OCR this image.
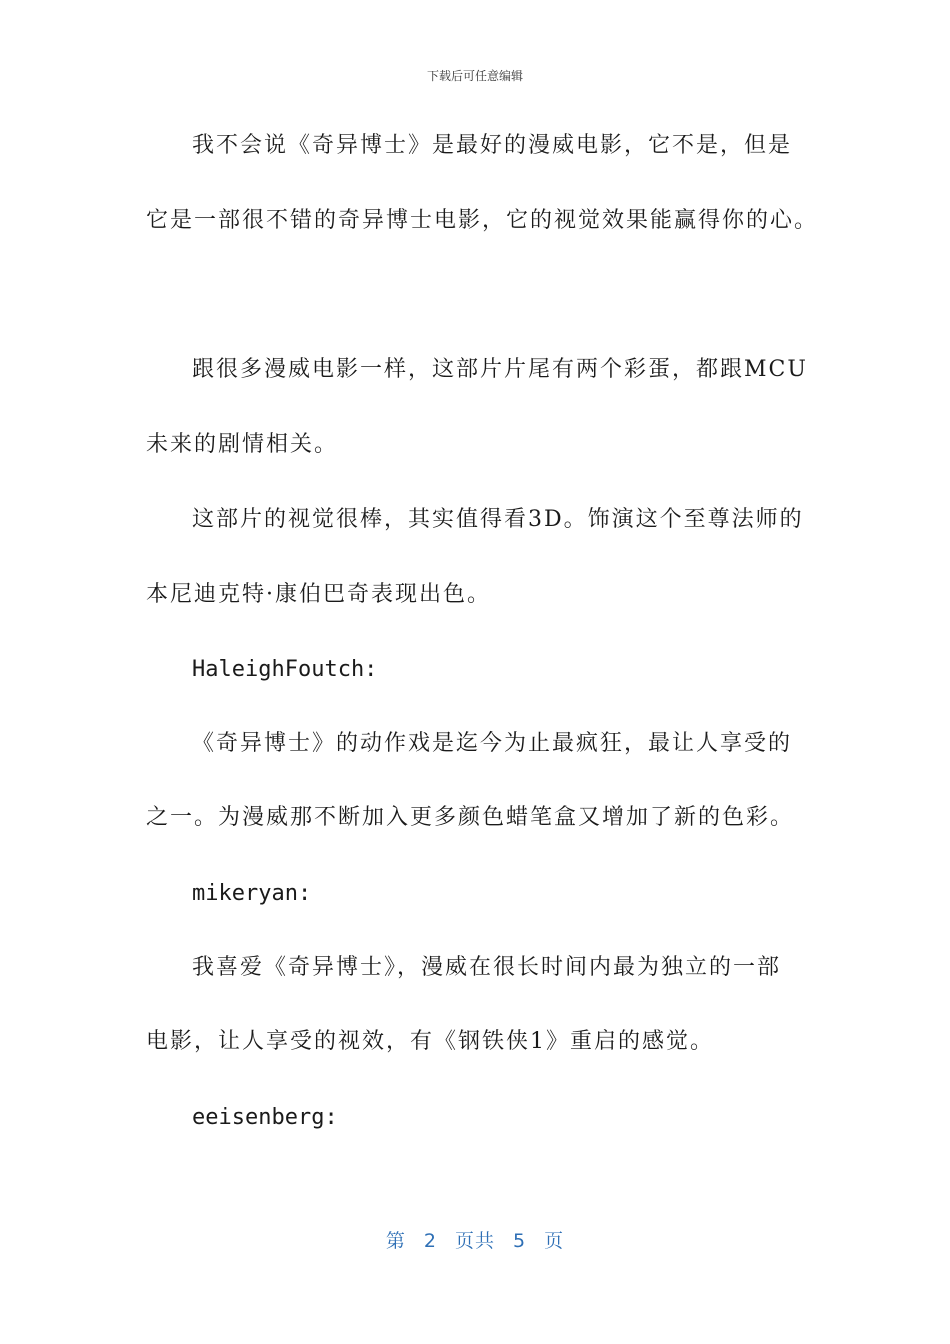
下载后可任意编辑
我不会说《奇异博士》是最好的漫威电影，它不是，但是
它是一部很不错的奇异博士电影，它的视觉效果能赢得你的心。
跟很多漫威电影一样，这部片片尾有两个彩蛋，都跟MCU
未来的剧情相关。
这部片的视觉很棒，其实值得看3D。饰演这个至尊法师的
本尼迪克特·康伯巴奇表现出色。
HaleighFoutch:
《奇异博士》的动作戏是迄今为止最疯狂，最让人享受的
之一。为漫威那不断加入更多颜色蜡笔盒又增加了新的色彩。
mikeryan:
我喜爱《奇异博士》，漫威在很长时间内最为独立的一部
电影，让人享受的视效，有《钢铁侠1》重启的感觉。
eeisenberg:
第 2 页共 5 页
